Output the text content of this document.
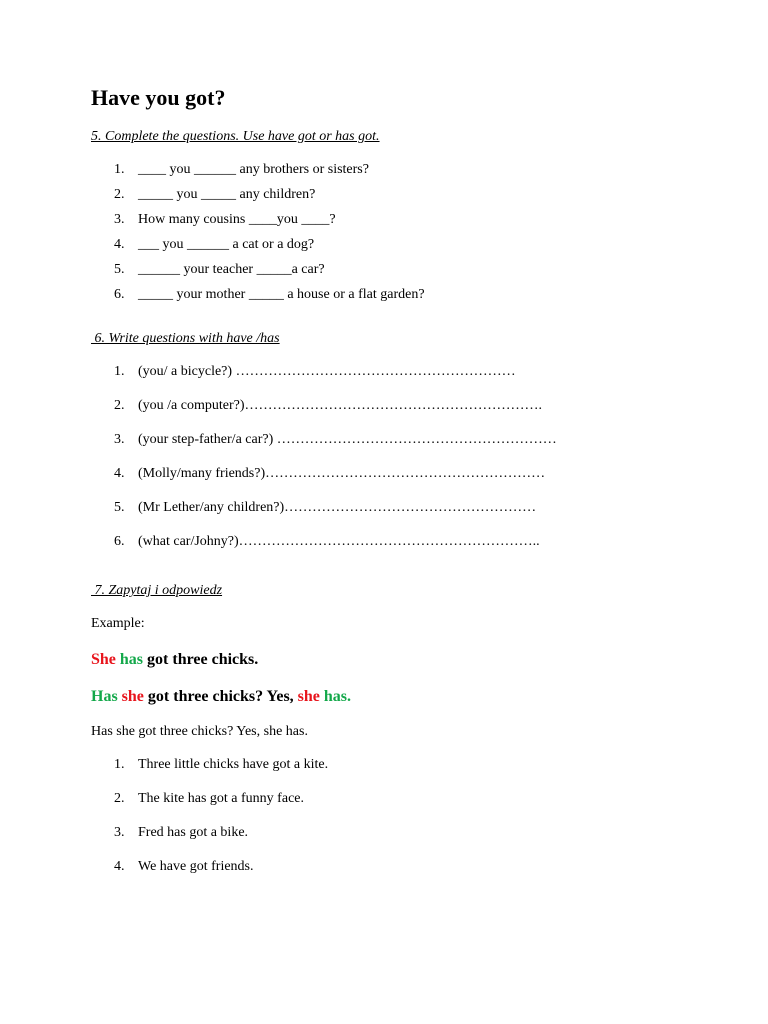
Have you got?
5. Complete the questions. Use have got or has got.

1.

____ you ______ any brothers or sisters?

2.

_____ you _____ any children?

3.

How many cousins ____you ____?

4.

___ you ______ a cat or a dog?

5.

______ your teacher _____a car?

6.

_____ your mother _____ a house or a flat garden?

6. Write questions with have /has

1.

(you/ a bicycle?) ……………………………………………………

2.

(you /a computer?)……………………………………………………….

3.

(your step-father/a car?) ……………………………………………………

4.

(Molly/many friends?)……………………………………………………

5.

(Mr Lether/any children?)………………………………………………

6.

(what car/Johny?)………………………………………………………..

7. Zapytaj i odpowiedz
Example:
She has got three chicks.
Has she got three chicks? Yes, she has.
Has she got three chicks? Yes, she has.

1.

Three little chicks have got a kite.

2.

The kite has got a funny face.

3.

Fred has got a bike.

4.

We have got friends.
